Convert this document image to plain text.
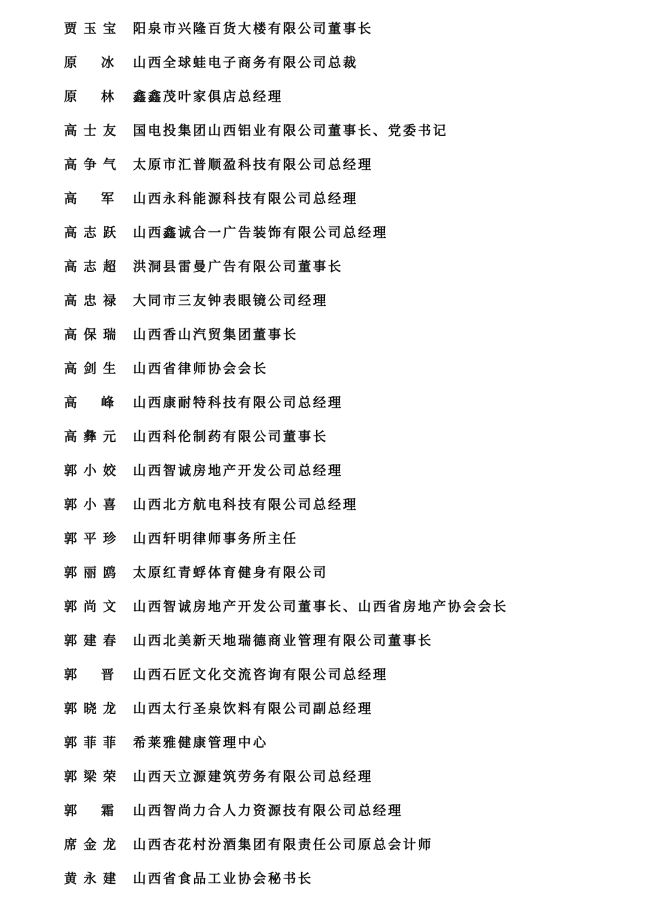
贾 玉 宝 阳泉市兴隆百货大楼有限公司董事长
原 冰 山西全球蛙电子商务有限公司总裁
原 林 鑫鑫茂叶家俱店总经理
高 士 友 国电投集团山西铝业有限公司董事长、党委书记
高 争 气 太原市汇普顺盈科技有限公司总经理
高 军 山西永科能源科技有限公司总经理
高 志 跃 山西鑫诚合一广告装饰有限公司总经理
高 志 超 洪洞县雷曼广告有限公司董事长
高 忠 禄 大同市三友钟表眼镜公司经理
高 保 瑞 山西香山汽贸集团董事长
高 剑 生 山西省律师协会会长
高 峰 山西康耐特科技有限公司总经理
高 彝 元 山西科伦制药有限公司董事长
郭 小 姣 山西智诚房地产开发公司总经理
郭 小 喜 山西北方航电科技有限公司总经理
郭 平 珍 山西轩明律师事务所主任
郭 丽 鸥 太原红青蜉体育健身有限公司
郭 尚 文 山西智诚房地产开发公司董事长、山西省房地产协会会长
郭 建 春 山西北美新天地瑞德商业管理有限公司董事长
郭 晋 山西石匠文化交流咨询有限公司总经理
郭 晓 龙 山西太行圣泉饮料有限公司副总经理
郭 菲 菲 希莱雅健康管理中心
郭 梁 荣 山西天立源建筑劳务有限公司总经理
郭 霜 山西智尚力合人力资源技有限公司总经理
席 金 龙 山西杏花村汾酒集团有限责任公司原总会计师
黄 永 建 山西省食品工业协会秘书长
